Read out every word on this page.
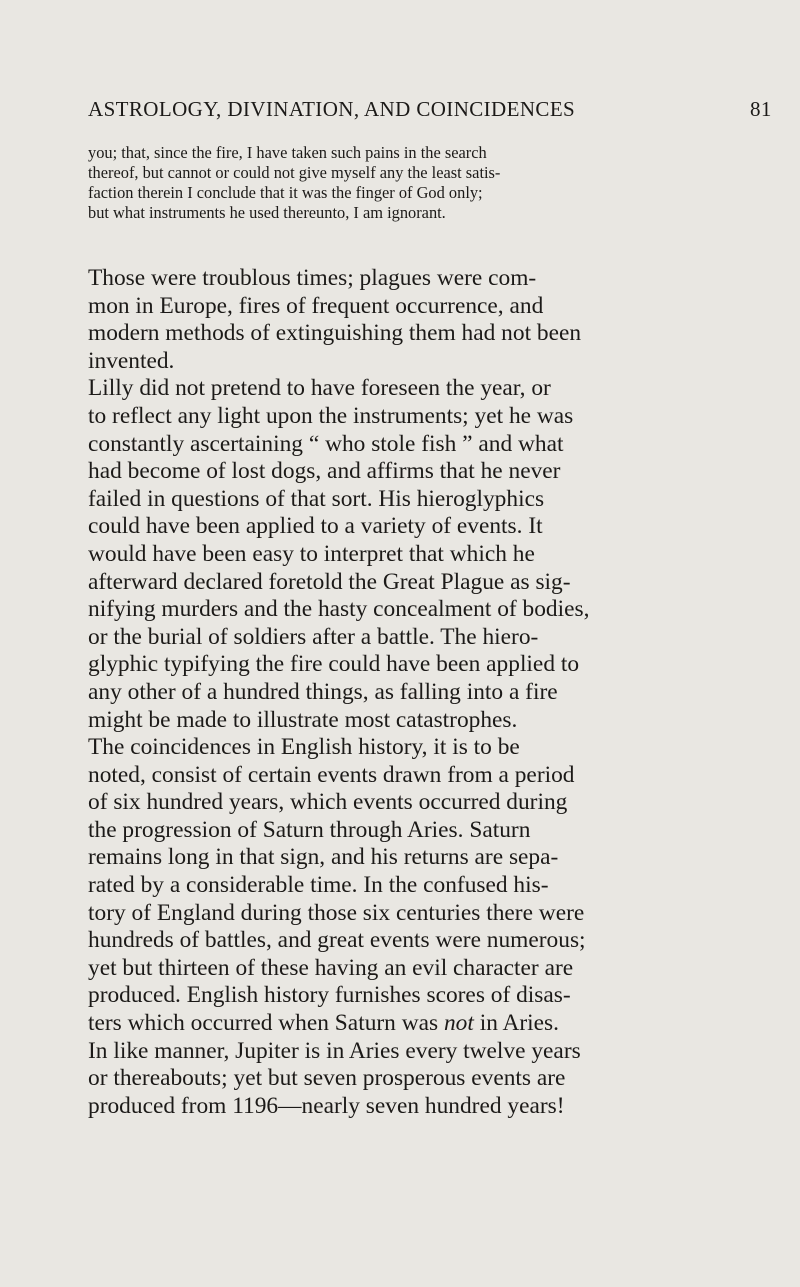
ASTROLOGY, DIVINATION, AND COINCIDENCES	81
you; that, since the fire, I have taken such pains in the search
thereof, but cannot or could not give myself any the least satis-
faction therein I conclude that it was the finger of God only;
but what instruments he used thereunto, I am ignorant.
Those were troublous times; plagues were com-
mon in Europe, fires of frequent occurrence, and
modern methods of extinguishing them had not been
invented.
Lilly did not pretend to have foreseen the year, or
to reflect any light upon the instruments; yet he was
constantly ascertaining “ who stole fish ” and what
had become of lost dogs, and affirms that he never
failed in questions of that sort. His hieroglyphics
could have been applied to a variety of events. It
would have been easy to interpret that which he
afterward declared foretold the Great Plague as sig-
nifying murders and the hasty concealment of bodies,
or the burial of soldiers after a battle. The hiero-
glyphic typifying the fire could have been applied to
any other of a hundred things, as falling into a fire
might be made to illustrate most catastrophes.
The coincidences in English history, it is to be
noted, consist of certain events drawn from a period
of six hundred years, which events occurred during
the progression of Saturn through Aries. Saturn
remains long in that sign, and his returns are sepa-
rated by a considerable time. In the confused his-
tory of England during those six centuries there were
hundreds of battles, and great events were numerous;
yet but thirteen of these having an evil character are
produced. English history furnishes scores of disas-
ters which occurred when Saturn was not in Aries.
In like manner, Jupiter is in Aries every twelve years
or thereabouts; yet but seven prosperous events are
produced from 1196—nearly seven hundred years!
